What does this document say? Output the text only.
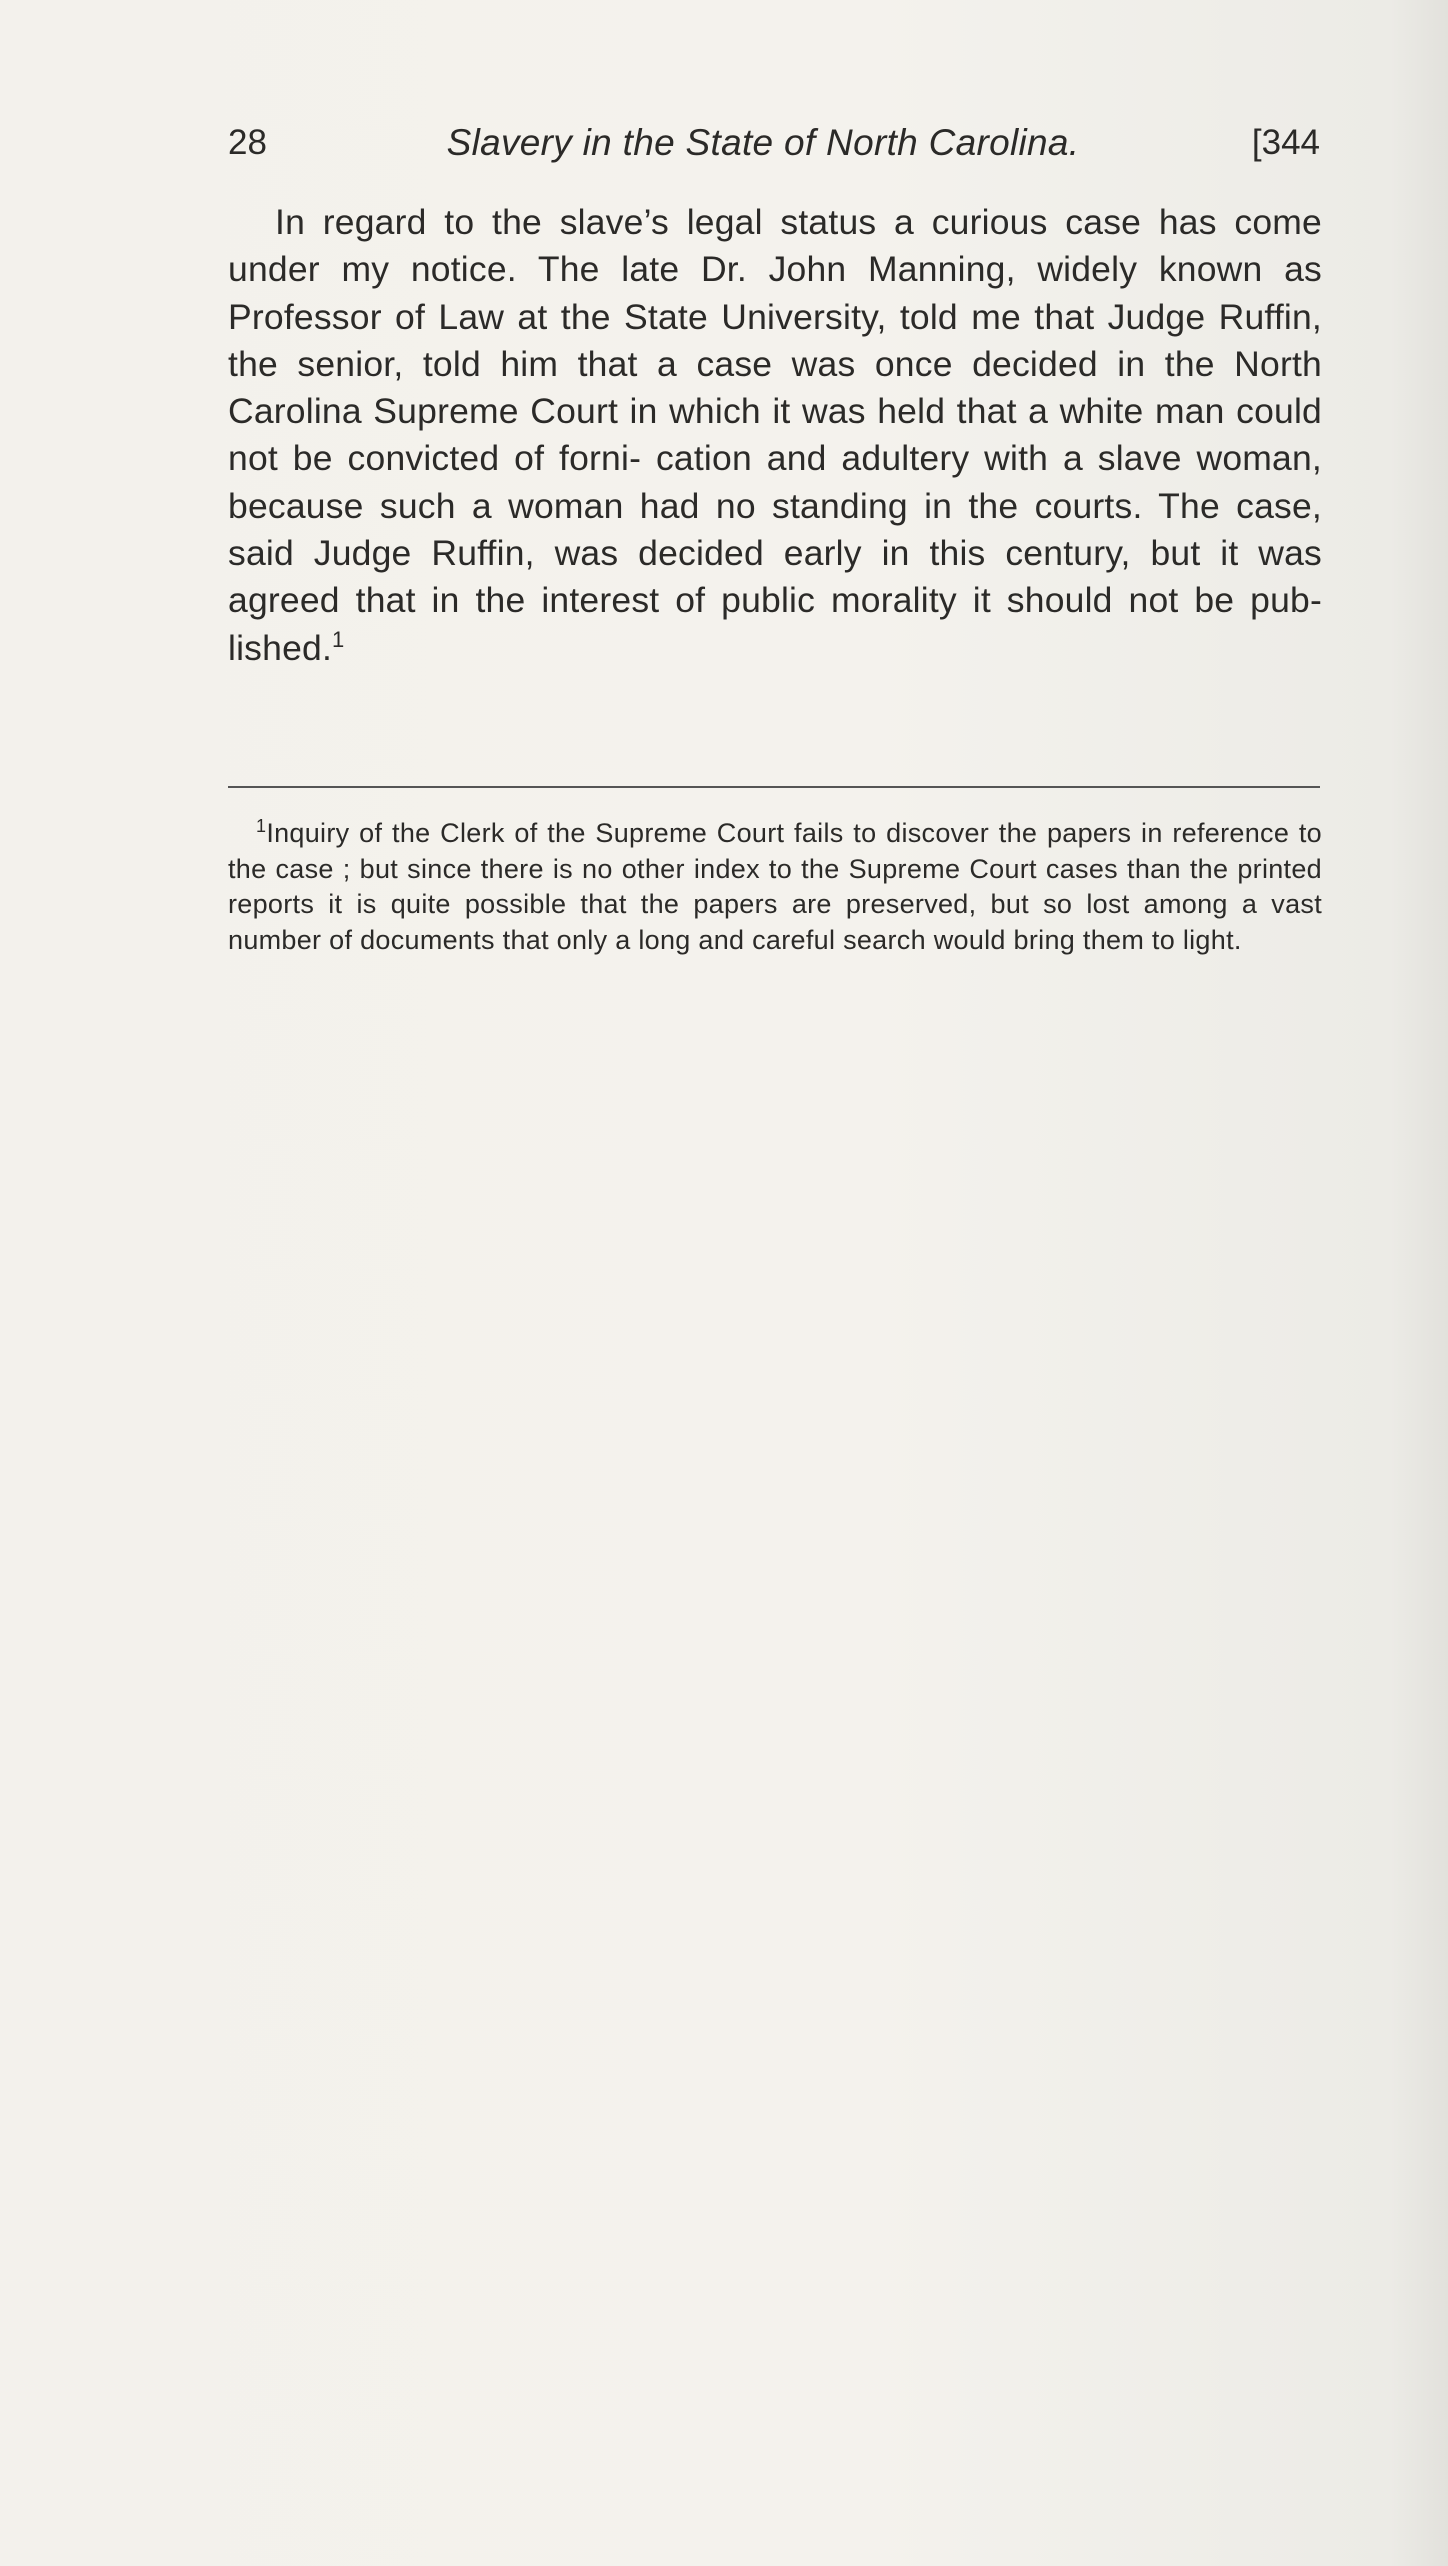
28	Slavery in the State of North Carolina.	[344

In regard to the slave’s legal status a curious case has come under my notice. The late Dr. John Manning, widely known as Professor of Law at the State University, told me that Judge Ruffin, the senior, told him that a case was once decided in the North Carolina Supreme Court in which it was held that a white man could not be convicted of forni- cation and adultery with a slave woman, because such a woman had no standing in the courts. The case, said Judge Ruffin, was decided early in this century, but it was agreed that in the interest of public morality it should not be pub- lished.$^1$

$^1$Inquiry of the Clerk of the Supreme Court fails to discover the papers in reference to the case ; but since there is no other index to the Supreme Court cases than the printed reports it is quite possible that the papers are preserved, but so lost among a vast number of documents that only a long and careful search would bring them to light.
